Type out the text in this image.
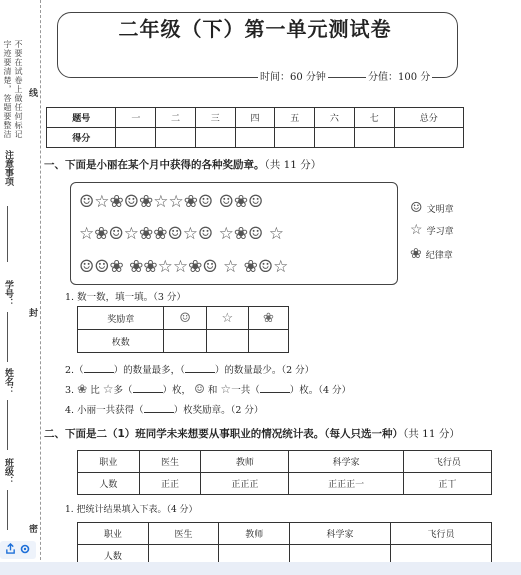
不要在试卷上做任何标记 字迹要清楚，答题要整洁
注意事项
学号：
姓名：
班级：
线
封
密
二年级（下）第一单元测试卷
时间：60 分钟	分值：100 分
题号	一	二	三	四	五	六	七	总分
得分								
一、下面是小丽在某个月中获得的各种奖励章。（共 11 分）
☺☆❀☺❀☆☆❀☺ ☺❀☺
☆❀☺☆❀❀☺☆☺ ☆❀☺ ☆
☺☺❀ ❀❀☆☆❀☺ ☆ ❀☺☆
☺ 文明章
☆ 学习章
❀ 纪律章
1. 数一数，填一填。（3 分）
奖励章	☺	☆	❀
枚数			
2.（	）的数量最多，（	）的数量最少。（2 分）
3. ❀ 比 ☆多（	）枚， ☺ 和 ☆一共（	）枚。（4 分）
4. 小丽一共获得（	）枚奖励章。（2 分）
二、下面是二（1）班同学未来想要从事职业的情况统计表。（每人只选一种）（共 11 分）
职业	医生	教师	科学家	飞行员
人数	正正	正正正	正正正一	正丅
1. 把统计结果填入下表。（4 分）
职业	医生	教师	科学家	飞行员
人数				
